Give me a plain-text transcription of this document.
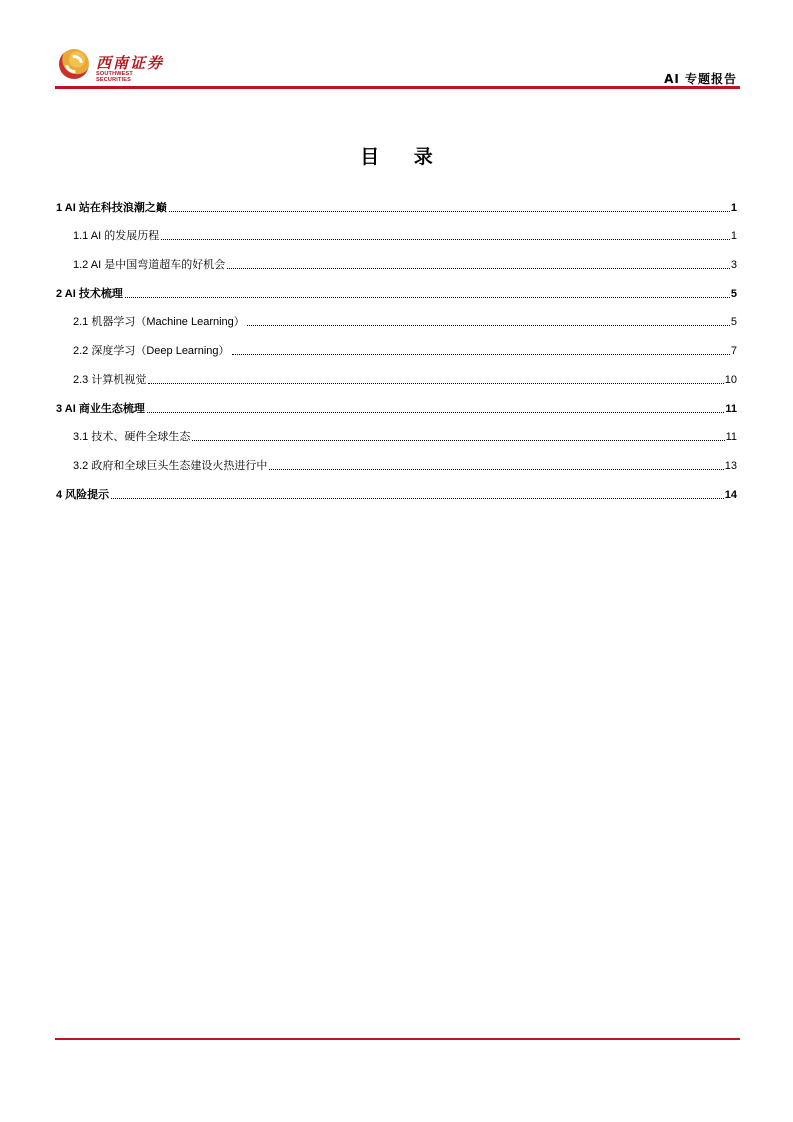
西南证券
SOUTHWEST SECURITIES	AI 专题报告
目 录
1 AI 站在科技浪潮之巅	1
1.1 AI 的发展历程	1
1.2 AI 是中国弯道超车的好机会	3
2 AI 技术梳理	5
2.1 机器学习（Machine Learning）	5
2.2 深度学习（Deep Learning）	7
2.3 计算机视觉	10
3 AI 商业生态梳理	11
3.1 技术、硬件全球生态	11
3.2 政府和全球巨头生态建设火热进行中	13
4 风险提示	14
